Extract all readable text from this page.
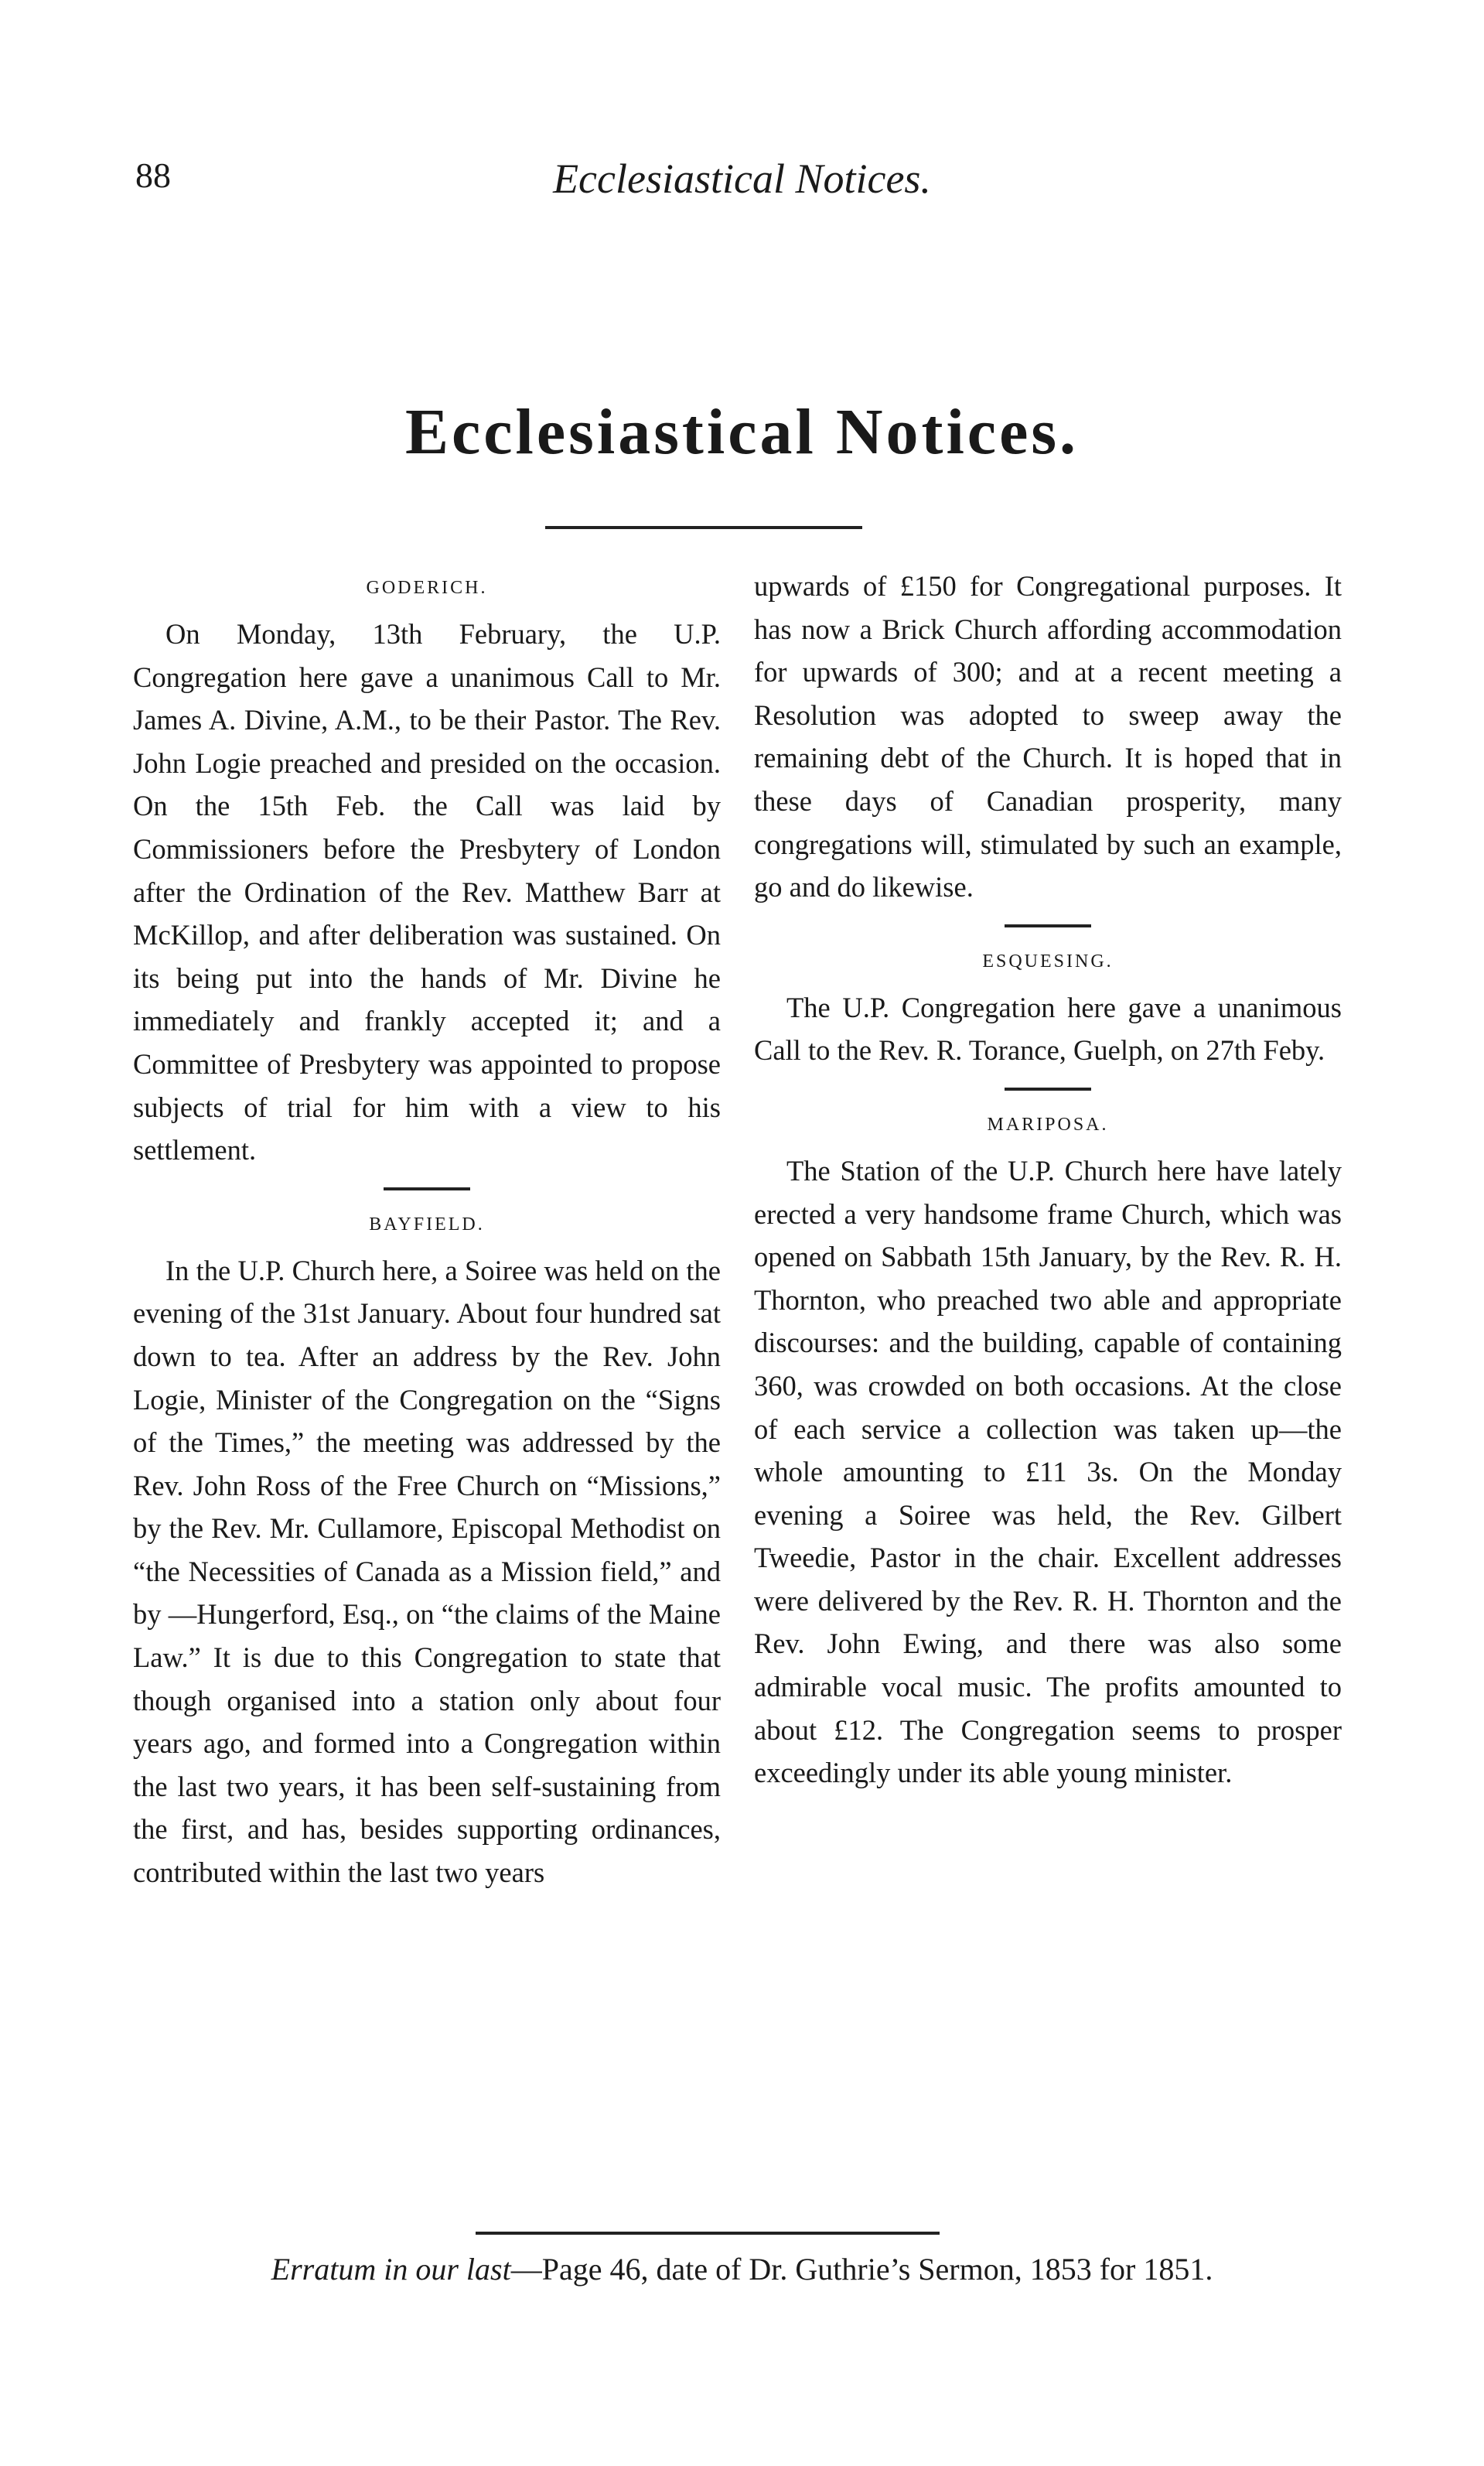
88	Ecclesiastical Notices.
Ecclesiastical Notices.
GODERICH.

On Monday, 13th February, the U.P. Congregation here gave a unanimous Call to Mr. James A. Divine, A.M., to be their Pastor. The Rev. John Logie preached and presided on the occasion. On the 15th Feb. the Call was laid by Commissioners before the Presbytery of London after the Ordination of the Rev. Matthew Barr at McKillop, and after deliberation was sustained. On its being put into the hands of Mr. Divine he immediately and frankly accepted it; and a Committee of Presbytery was appointed to propose subjects of trial for him with a view to his settlement.

BAYFIELD.

In the U.P. Church here, a Soiree was held on the evening of the 31st January. About four hundred sat down to tea. After an address by the Rev. John Logie, Minister of the Congregation on the “Signs of the Times,” the meeting was addressed by the Rev. John Ross of the Free Church on “Missions,” by the Rev. Mr. Cullamore, Episcopal Methodist on “the Necessities of Canada as a Mission field,” and by —Hungerford, Esq., on “the claims of the Maine Law.” It is due to this Congregation to state that though organised into a station only about four years ago, and formed into a Congregation within the last two years, it has been self-sustaining from the first, and has, besides supporting ordinances, contributed within the last two years

upwards of £150 for Congregational purposes. It has now a Brick Church affording accommodation for upwards of 300; and at a recent meeting a Resolution was adopted to sweep away the remaining debt of the Church. It is hoped that in these days of Canadian prosperity, many congregations will, stimulated by such an example, go and do likewise.

ESQUESING.

The U.P. Congregation here gave a unanimous Call to the Rev. R. Torance, Guelph, on 27th Feby.

MARIPOSA.

The Station of the U.P. Church here have lately erected a very handsome frame Church, which was opened on Sabbath 15th January, by the Rev. R. H. Thornton, who preached two able and appropriate discourses: and the building, capable of containing 360, was crowded on both occasions. At the close of each service a collection was taken up—the whole amounting to £11 3s. On the Monday evening a Soiree was held, the Rev. Gilbert Tweedie, Pastor in the chair. Excellent addresses were delivered by the Rev. R. H. Thornton and the Rev. John Ewing, and there was also some admirable vocal music. The profits amounted to about £12. The Congregation seems to prosper exceedingly under its able young minister.

Erratum in our last—Page 46, date of Dr. Guthrie’s Sermon, 1853 for 1851.
